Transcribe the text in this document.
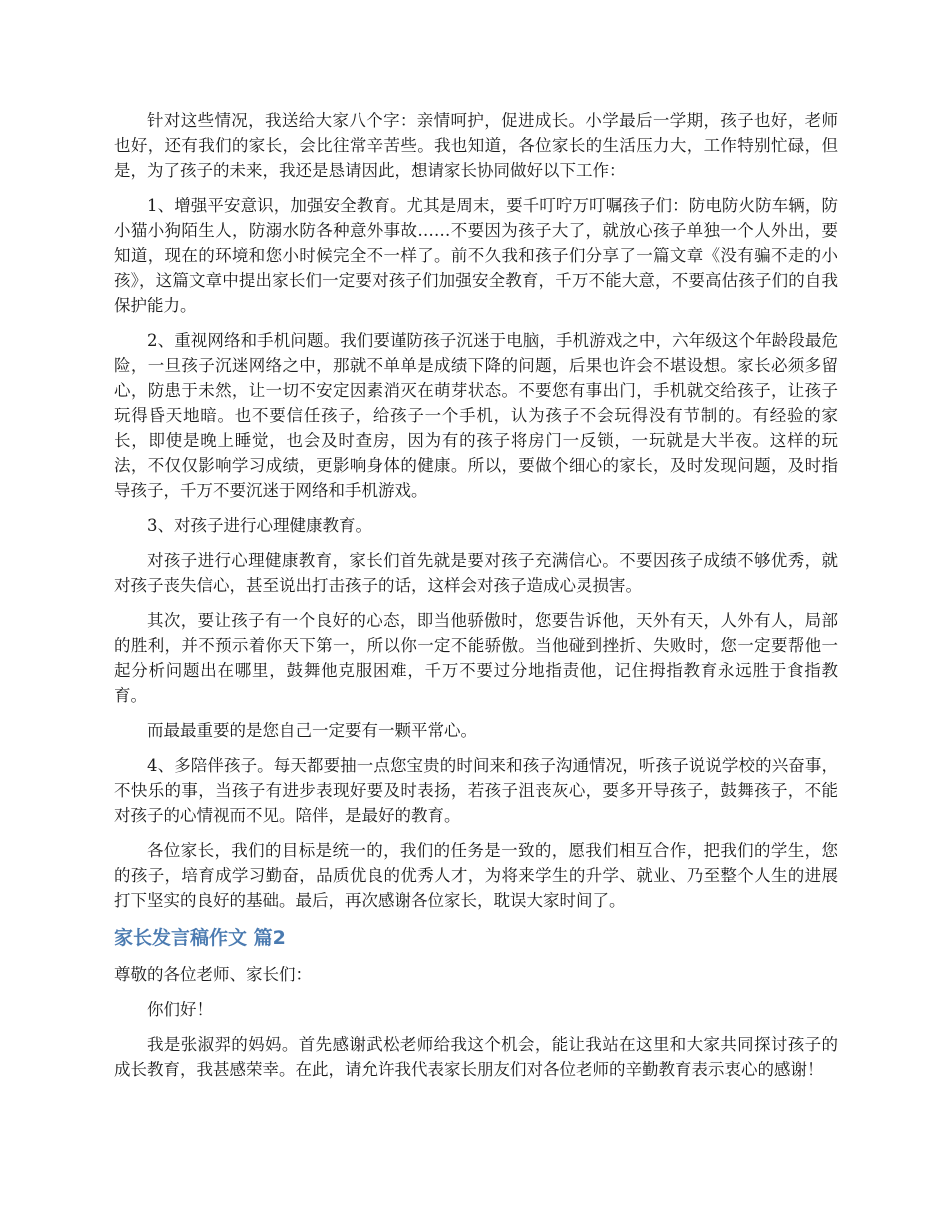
针对这些情况，我送给大家八个字：亲情呵护，促进成长。小学最后一学期，孩子也好，老师也好，还有我们的家长，会比往常辛苦些。我也知道，各位家长的生活压力大，工作特别忙碌，但是，为了孩子的未来，我还是恳请因此，想请家长协同做好以下工作：

1、增强平安意识，加强安全教育。尤其是周末，要千叮咛万叮嘱孩子们：防电防火防车辆，防小猫小狗陌生人，防溺水防各种意外事故……不要因为孩子大了，就放心孩子单独一个人外出，要知道，现在的环境和您小时候完全不一样了。前不久我和孩子们分享了一篇文章《没有骗不走的小孩》，这篇文章中提出家长们一定要对孩子们加强安全教育，千万不能大意，不要高估孩子们的自我保护能力。

2、重视网络和手机问题。我们要谨防孩子沉迷于电脑，手机游戏之中，六年级这个年龄段最危险，一旦孩子沉迷网络之中，那就不单单是成绩下降的问题，后果也许会不堪设想。家长必须多留心，防患于未然，让一切不安定因素消灭在萌芽状态。不要您有事出门，手机就交给孩子，让孩子玩得昏天地暗。也不要信任孩子，给孩子一个手机，认为孩子不会玩得没有节制的。有经验的家长，即使是晚上睡觉，也会及时查房，因为有的孩子将房门一反锁，一玩就是大半夜。这样的玩法，不仅仅影响学习成绩，更影响身体的健康。所以，要做个细心的家长，及时发现问题，及时指导孩子，千万不要沉迷于网络和手机游戏。

3、对孩子进行心理健康教育。

对孩子进行心理健康教育，家长们首先就是要对孩子充满信心。不要因孩子成绩不够优秀，就对孩子丧失信心，甚至说出打击孩子的话，这样会对孩子造成心灵损害。

其次，要让孩子有一个良好的心态，即当他骄傲时，您要告诉他，天外有天，人外有人，局部的胜利，并不预示着你天下第一，所以你一定不能骄傲。当他碰到挫折、失败时，您一定要帮他一起分析问题出在哪里，鼓舞他克服困难，千万不要过分地指责他，记住拇指教育永远胜于食指教育。

而最最重要的是您自己一定要有一颗平常心。

4、多陪伴孩子。每天都要抽一点您宝贵的时间来和孩子沟通情况，听孩子说说学校的兴奋事，不快乐的事，当孩子有进步表现好要及时表扬，若孩子沮丧灰心，要多开导孩子，鼓舞孩子，不能对孩子的心情视而不见。陪伴，是最好的教育。

各位家长，我们的目标是统一的，我们的任务是一致的，愿我们相互合作，把我们的学生，您的孩子，培育成学习勤奋，品质优良的优秀人才，为将来学生的升学、就业、乃至整个人生的进展打下坚实的良好的基础。最后，再次感谢各位家长，耽误大家时间了。

家长发言稿作文 篇2

尊敬的各位老师、家长们：

你们好！

我是张淑羿的妈妈。首先感谢武松老师给我这个机会，能让我站在这里和大家共同探讨孩子的成长教育，我甚感荣幸。在此，请允许我代表家长朋友们对各位老师的辛勤教育表示衷心的感谢！
